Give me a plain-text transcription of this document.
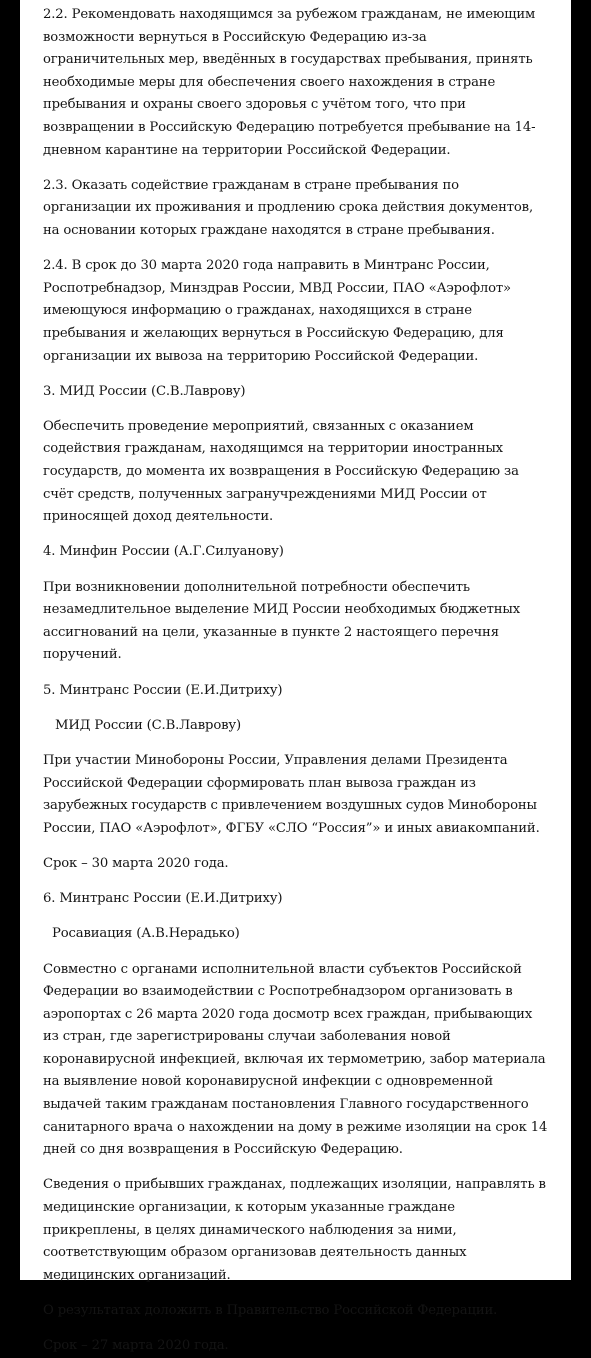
2.2. Рекомендовать находящимся за рубежом гражданам, не имеющим возможности вернуться в Российскую Федерацию из-за ограничительных мер, введённых в государствах пребывания, принять необходимые меры для обеспечения своего нахождения в стране пребывания и охраны своего здоровья с учётом того, что при возвращении в Российскую Федерацию потребуется пребывание на 14-дневном карантине на территории Российской Федерации.

2.3. Оказать содействие гражданам в стране пребывания по организации их проживания и продлению срока действия документов, на основании которых граждане находятся в стране пребывания.

2.4. В срок до 30 марта 2020 года направить в Минтранс России, Роспотребнадзор, Минздрав России, МВД России, ПАО «Аэрофлот» имеющуюся информацию о гражданах, находящихся в стране пребывания и желающих вернуться в Российскую Федерацию, для организации их вывоза на территорию Российской Федерации.

3. МИД России (С.В.Лаврову)

Обеспечить проведение мероприятий, связанных с оказанием содействия гражданам, находящимся на территории иностранных государств, до момента их возвращения в Российскую Федерацию за счёт средств, полученных загранучреждениями МИД России от приносящей доход деятельности.

4. Минфин России (А.Г.Силуанову)

При возникновении дополнительной потребности обеспечить незамедлительное выделение МИД России необходимых бюджетных ассигнований на цели, указанные в пункте 2 настоящего перечня поручений.

5. Минтранс России (Е.И.Дитриху)

МИД России (С.В.Лаврову)

При участии Минобороны России, Управления делами Президента Российской Федерации сформировать план вывоза граждан из зарубежных государств с привлечением воздушных судов Минобороны России, ПАО «Аэрофлот», ФГБУ «СЛО “Россия”» и иных авиакомпаний.

Срок – 30 марта 2020 года.

6. Минтранс России (Е.И.Дитриху)

Росавиация (А.В.Нерадько)

Совместно с органами исполнительной власти субъектов Российской Федерации во взаимодействии с Роспотребнадзором организовать в аэропортах с 26 марта 2020 года досмотр всех граждан, прибывающих из стран, где зарегистрированы случаи заболевания новой коронавирусной инфекцией, включая их термометрию, забор материала на выявление новой коронавирусной инфекции с одновременной выдачей таким гражданам постановления Главного государственного санитарного врача о нахождении на дому в режиме изоляции на срок 14 дней со дня возвращения в Российскую Федерацию.

Сведения о прибывших гражданах, подлежащих изоляции, направлять в медицинские организации, к которым указанные граждане прикреплены, в целях динамического наблюдения за ними, соответствующим образом организовав деятельность данных медицинских организаций.

О результатах доложить в Правительство Российской Федерации.

Срок – 27 марта 2020 года.
